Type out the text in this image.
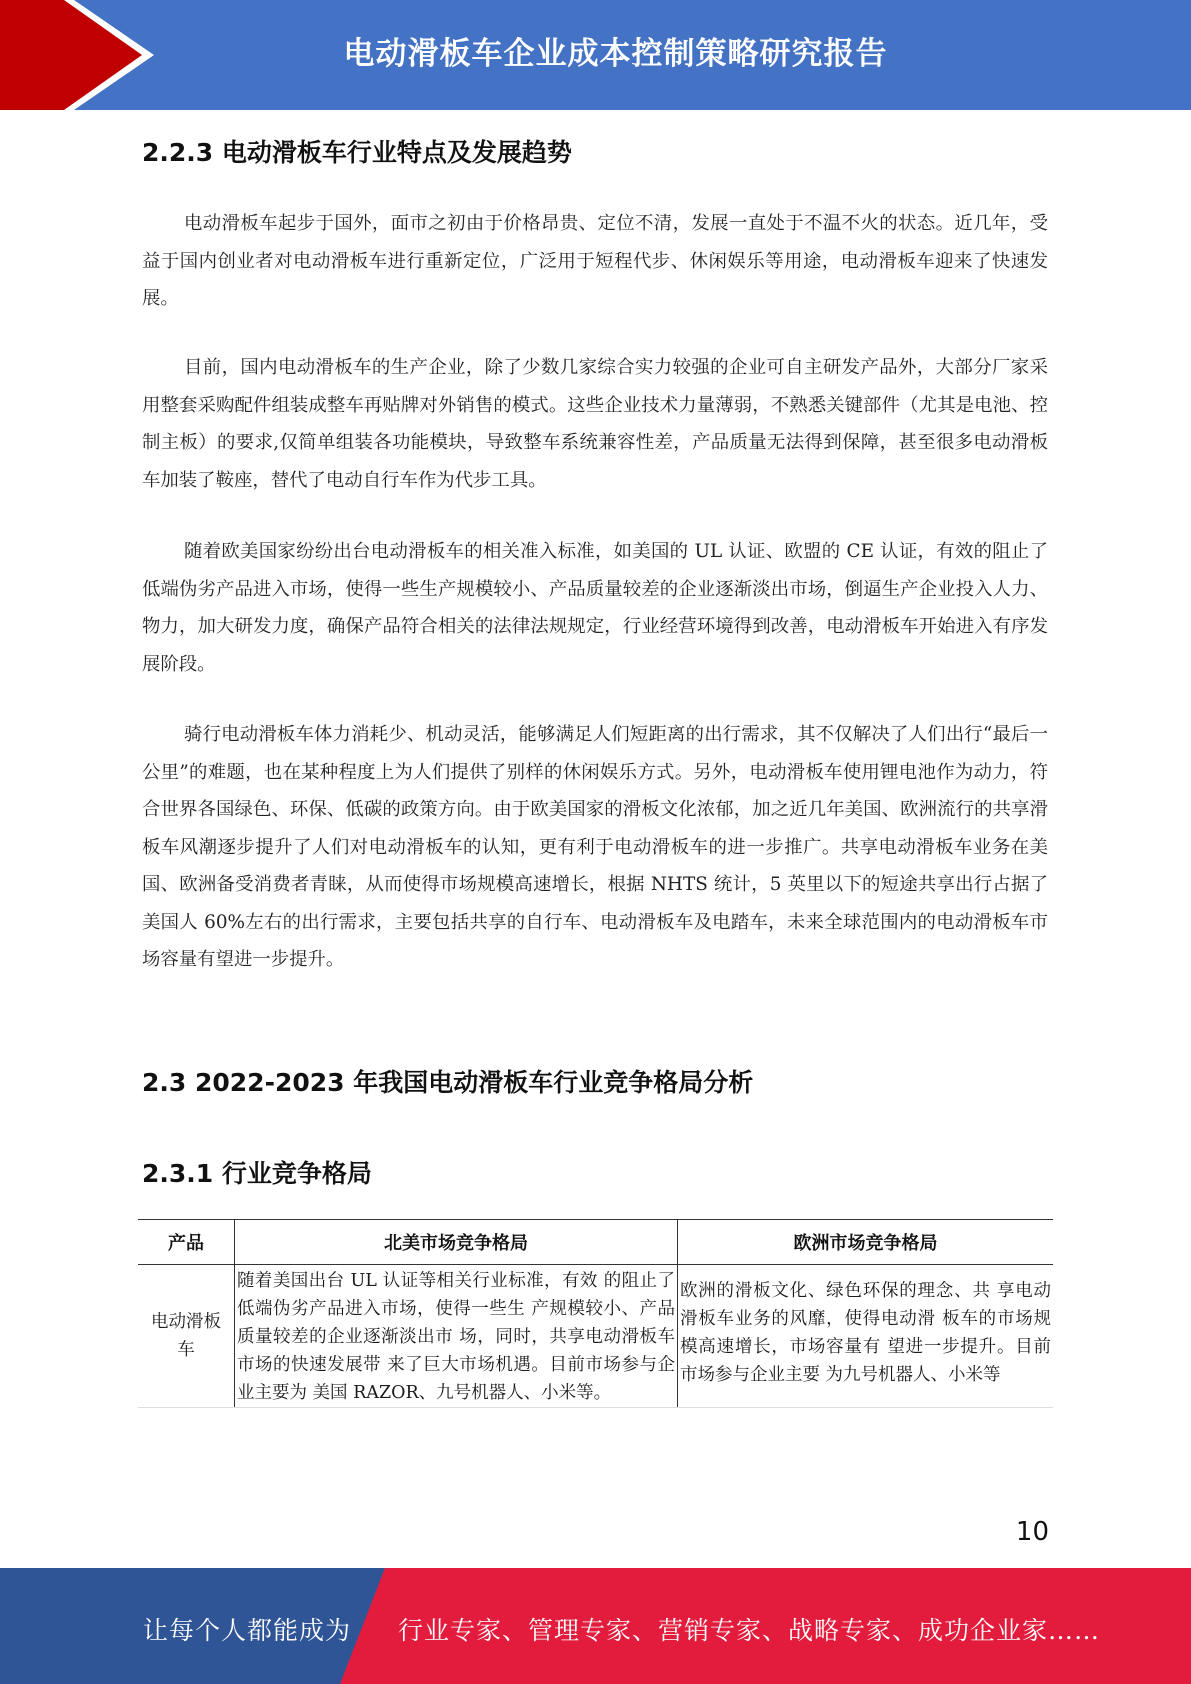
电动滑板车企业成本控制策略研究报告
2.2.3 电动滑板车行业特点及发展趋势

电动滑板车起步于国外，面市之初由于价格昂贵、定位不清，发展一直处于不温不火的状态。近几年，受益于国内创业者对电动滑板车进行重新定位，广泛用于短程代步、休闲娱乐等用途，电动滑板车迎来了快速发展。

目前，国内电动滑板车的生产企业，除了少数几家综合实力较强的企业可自主研发产品外，大部分厂家采用整套采购配件组装成整车再贴牌对外销售的模式。这些企业技术力量薄弱，不熟悉关键部件（尤其是电池、控制主板）的要求,仅简单组装各功能模块，导致整车系统兼容性差，产品质量无法得到保障，甚至很多电动滑板车加装了鞍座，替代了电动自行车作为代步工具。

随着欧美国家纷纷出台电动滑板车的相关准入标准，如美国的 UL 认证、欧盟的 CE 认证，有效的阻止了低端伪劣产品进入市场，使得一些生产规模较小、产品质量较差的企业逐渐淡出市场，倒逼生产企业投入人力、物力，加大研发力度，确保产品符合相关的法律法规规定，行业经营环境得到改善，电动滑板车开始进入有序发展阶段。

骑行电动滑板车体力消耗少、机动灵活，能够满足人们短距离的出行需求，其不仅解决了人们出行“最后一公里”的难题，也在某种程度上为人们提供了别样的休闲娱乐方式。另外，电动滑板车使用锂电池作为动力，符合世界各国绿色、环保、低碳的政策方向。由于欧美国家的滑板文化浓郁，加之近几年美国、欧洲流行的共享滑板车风潮逐步提升了人们对电动滑板车的认知，更有利于电动滑板车的进一步推广。共享电动滑板车业务在美国、欧洲备受消费者青睐，从而使得市场规模高速增长，根据 NHTS 统计，5 英里以下的短途共享出行占据了美国人 60%左右的出行需求，主要包括共享的自行车、电动滑板车及电踏车，未来全球范围内的电动滑板车市场容量有望进一步提升。

2.3 2022-2023 年我国电动滑板车行业竞争格局分析
2.3.1 行业竞争格局
产品	北美市场竞争格局	欧洲市场竞争格局
电动滑板车	随着美国出台 UL 认证等相关行业标准，有效 的阻止了低端伪劣产品进入市场，使得一些生 产规模较小、产品质量较差的企业逐渐淡出市 场，同时，共享电动滑板车市场的快速发展带 来了巨大市场机遇。目前市场参与企业主要为 美国 RAZOR、九号机器人、小米等。	欧洲的滑板文化、绿色环保的理念、共 享电动滑板车业务的风靡，使得电动滑 板车的市场规模高速增长，市场容量有 望进一步提升。目前市场参与企业主要 为九号机器人、小米等
10
让每个人都能成为 行业专家、管理专家、营销专家、战略专家、成功企业家……
